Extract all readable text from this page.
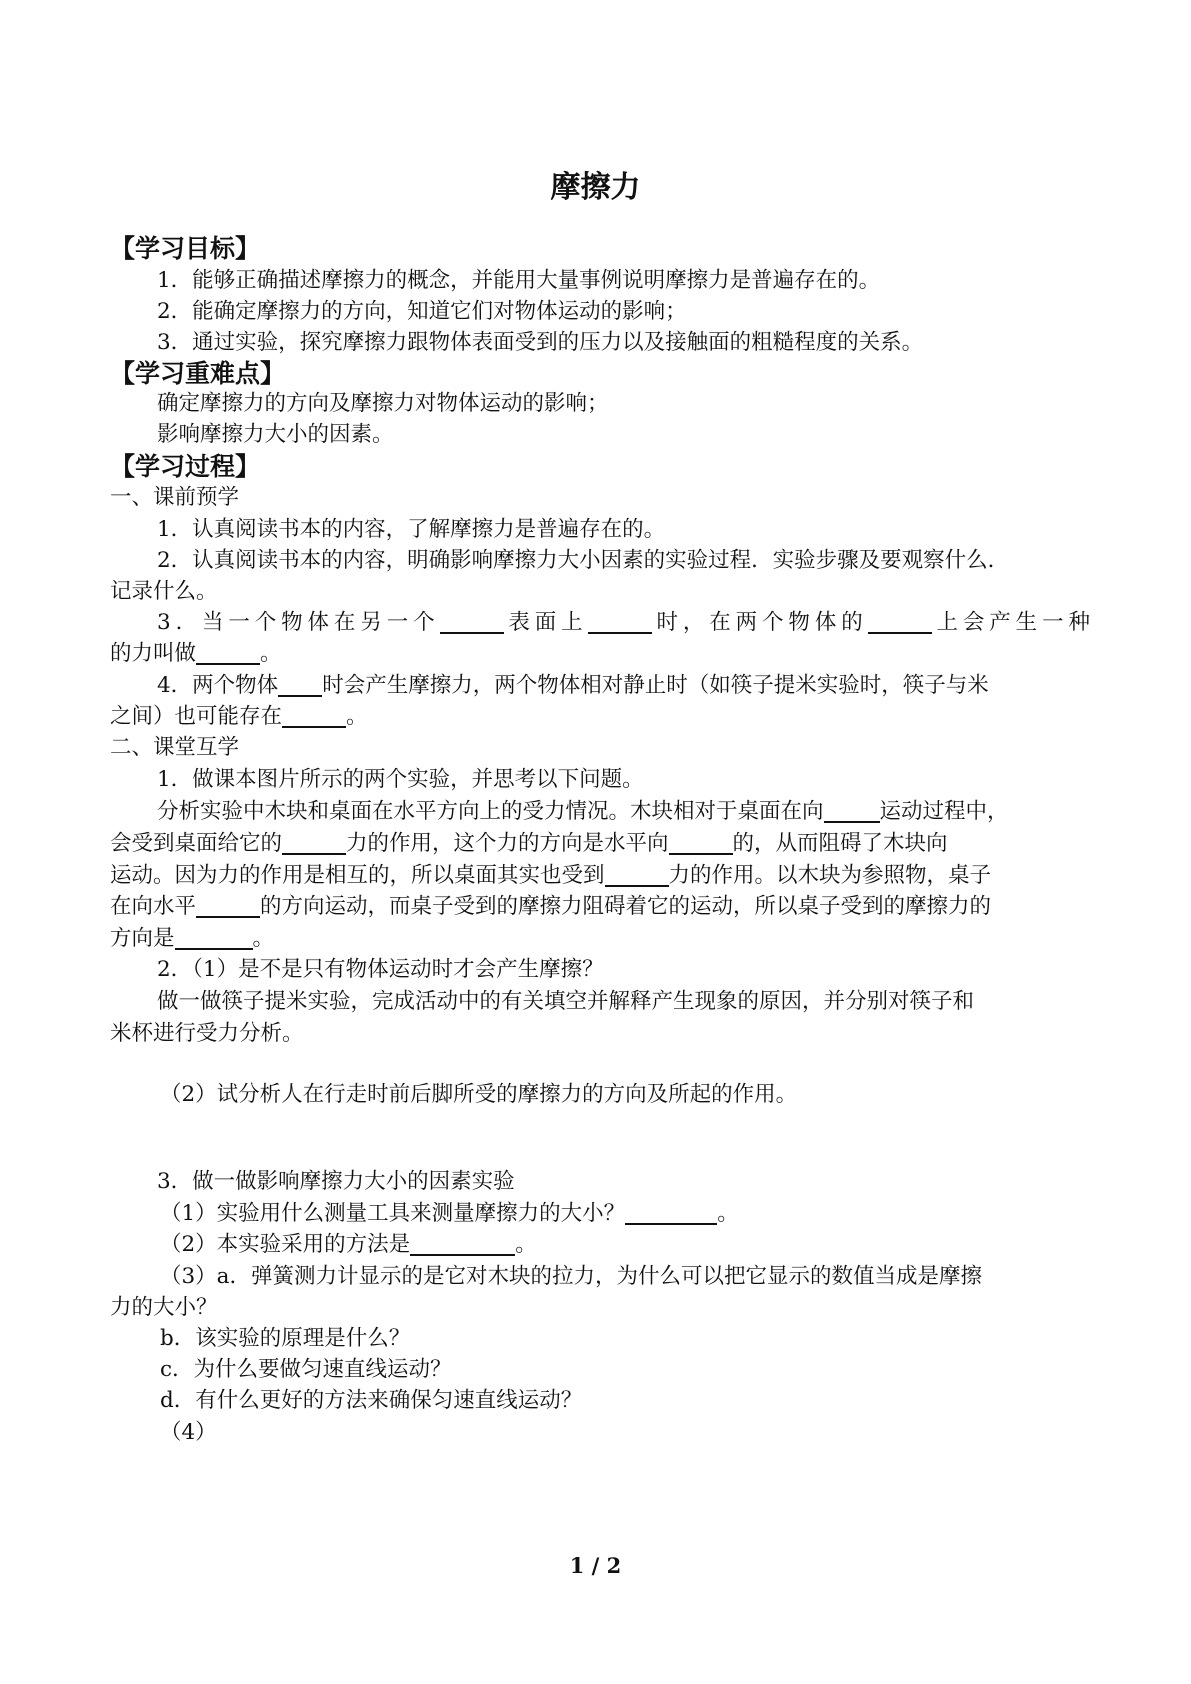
摩擦力
【学习目标】
1．能够正确描述摩擦力的概念，并能用大量事例说明摩擦力是普遍存在的。
2．能确定摩擦力的方向，知道它们对物体运动的影响；
3．通过实验，探究摩擦力跟物体表面受到的压力以及接触面的粗糙程度的关系。
【学习重难点】
确定摩擦力的方向及摩擦力对物体运动的影响；
影响摩擦力大小的因素。
【学习过程】
一、课前预学
1．认真阅读书本的内容，了解摩擦力是普遍存在的。
2．认真阅读书本的内容，明确影响摩擦力大小因素的实验过程．实验步骤及要观察什么．
记录什么。
3．当一个物体在另一个	表面上	时，在两个物体的	上会产生一种
的力叫做	。
4．两个物体 时会产生摩擦力，两个物体相对静止时（如筷子提米实验时，筷子与米
之间）也可能存在	。
二、课堂互学
1．做课本图片所示的两个实验，并思考以下问题。
分析实验中木块和桌面在水平方向上的受力情况。木块相对于桌面在向	运动过程中，
会受到桌面给它的	力的作用，这个力的方向是水平向	的，从而阻碍了木块向
运动。因为力的作用是相互的，所以桌面其实也受到	力的作用。以木块为参照物，桌子
在向水平	的方向运动，而桌子受到的摩擦力阻碍着它的运动，所以桌子受到的摩擦力的
方向是	。
2．（1）是不是只有物体运动时才会产生摩擦？
做一做筷子提米实验，完成活动中的有关填空并解释产生现象的原因，并分别对筷子和
米杯进行受力分析。
（2）试分析人在行走时前后脚所受的摩擦力的方向及所起的作用。
3．做一做影响摩擦力大小的因素实验
（1）实验用什么测量工具来测量摩擦力的大小？	。
（2）本实验采用的方法是	。
（3）a．弹簧测力计显示的是它对木块的拉力，为什么可以把它显示的数值当成是摩擦
力的大小？
b．该实验的原理是什么？
c．为什么要做匀速直线运动？
d．有什么更好的方法来确保匀速直线运动？
（4）
1 / 2
